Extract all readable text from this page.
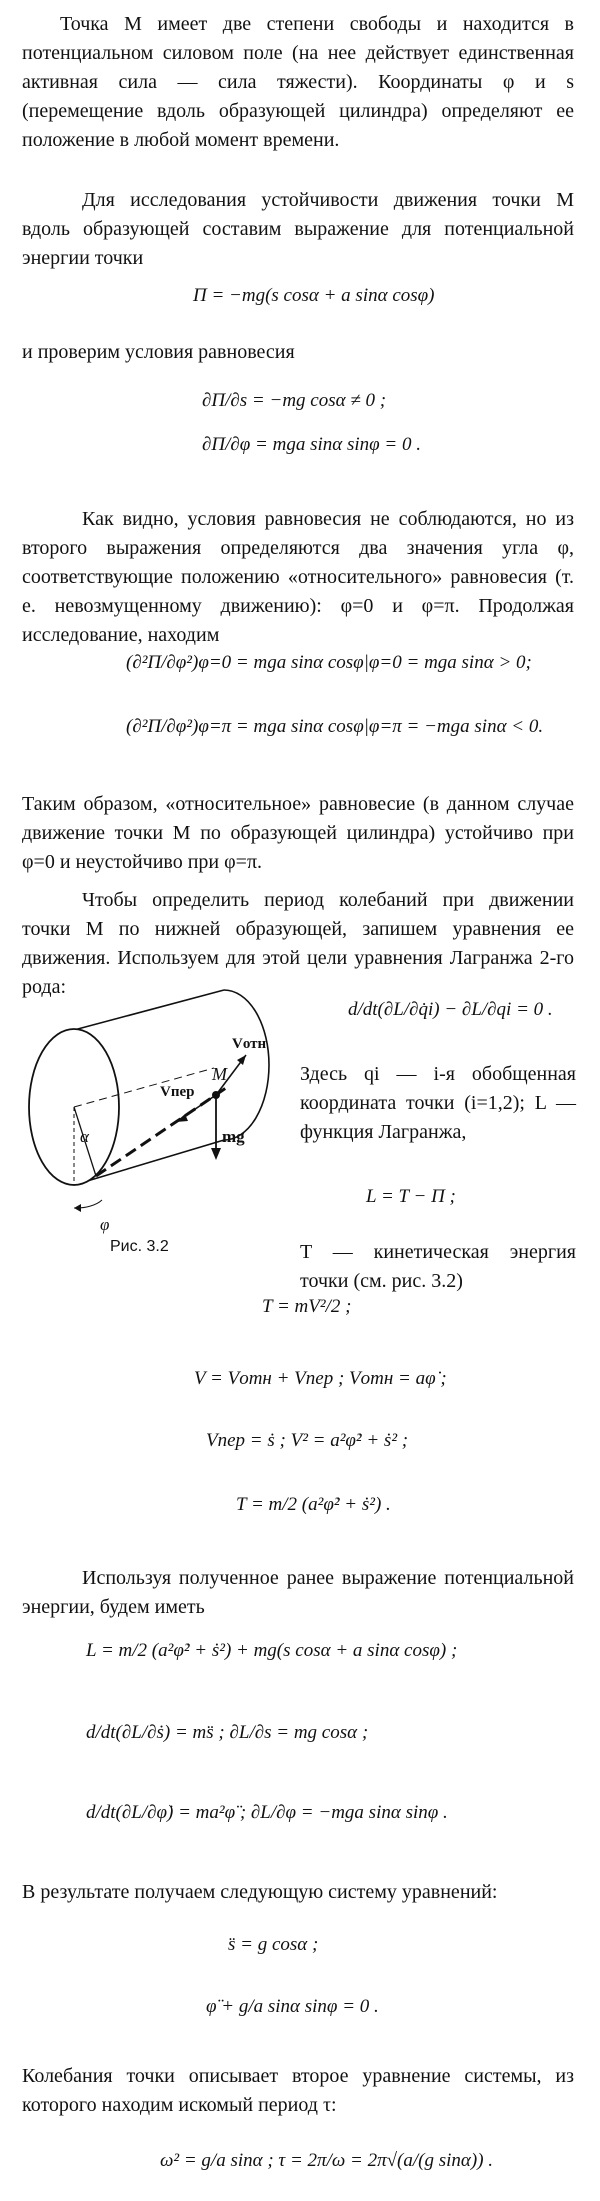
Точка M имеет две степени свободы и находится в потенциальном силовом поле (на нее действует единственная активная сила — сила тяжести). Координаты φ и s (перемещение вдоль образующей цилиндра) определяют ее положение в любой момент времени.
Для исследования устойчивости движения точки M вдоль образующей составим выражение для потенциальной энергии точки
Π = −mg(s cosα + a sinα cosφ)
и проверим условия равновесия
∂Π/∂s = −mg cosα ≠ 0 ;
∂Π/∂φ = mga sinα sinφ = 0 .
Как видно, условия равновесия не соблюдаются, но из второго выражения определяются два значения угла φ, соответствующие положению «относительного» равновесия (т. е. невозмущенному движению): φ=0 и φ=π. Продолжая исследование, находим
(∂²Π/∂φ²)φ=0 = mga sinα cosφ|φ=0 = mga sinα > 0;
(∂²Π/∂φ²)φ=π = mga sinα cosφ|φ=π = −mga sinα < 0.
Таким образом, «относительное» равновесие (в данном случае движение точки M по образующей цилиндра) устойчиво при φ=0 и неустойчиво при φ=π.
Чтобы определить период колебаний при движении точки M по нижней образующей, запишем уравнения ее движения. Используем для этой цели уравнения Лагранжа 2-го рода:
M
Vотн
Vпер
mg
α
φ
Рис. 3.2
d/dt(∂L/∂q̇i) − ∂L/∂qi = 0 .
Здесь qi — i-я обобщенная координата точки (i=1,2); L — функция Лагранжа,
L = T − Π ;
T — кинетическая энергия точки (см. рис. 3.2)
T = mV²/2 ;
V = Vотн + Vпер ; Vотн = aφ̇ ;
Vпер = ṡ ; V² = a²φ̇² + ṡ² ;
T = m/2 (a²φ̇² + ṡ²) .
Используя полученное ранее выражение потенциальной энергии, будем иметь
L = m/2 (a²φ̇² + ṡ²) + mg(s cosα + a sinα cosφ) ;
d/dt(∂L/∂ṡ) = ms̈ ; ∂L/∂s = mg cosα ;
d/dt(∂L/∂φ̇) = ma²φ̈ ; ∂L/∂φ = −mga sinα sinφ .
В результате получаем следующую систему уравнений:
s̈ = g cosα ;
φ̈ + g/a sinα sinφ = 0 .
Колебания точки описывает второе уравнение системы, из которого находим искомый период τ:
ω² = g/a sinα ; τ = 2π/ω = 2π√(a/(g sinα)) .
